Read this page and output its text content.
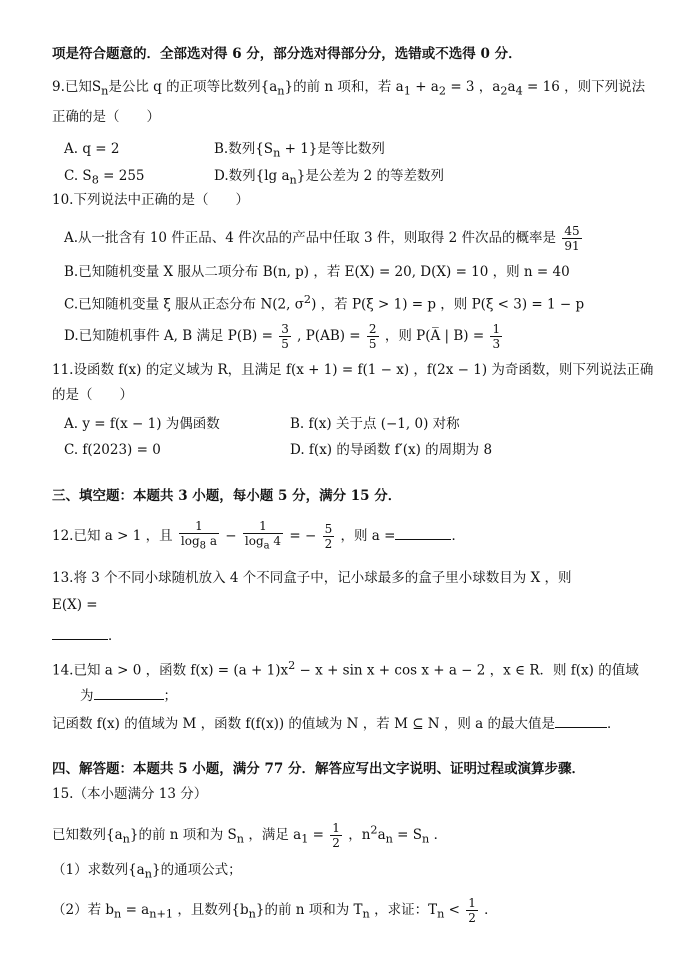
项是符合题意的．全部选对得 6 分，部分选对得部分分，选错或不选得 0 分．
9.已知$S_n$是公比 q 的正项等比数列$\{a_n\}$的前 n 项和，若 $a_1 + a_2 = 3$ ，$a_2a_4 = 16$ ，则下列说法
正确的是（　　）
A. q = 2	B.数列$\{S_n + 1\}$是等比数列
C. $S_8 = 255$	D.数列{lg $a_n$}是公差为 2 的等差数列
10.下列说法中正确的是（　　）
A.从一批含有 10 件正品、4 件次品的产品中任取 3 件，则取得 2 件次品的概率是 $\frac{45}{91}$
B.已知随机变量 X 服从二项分布 B(n, p) ，若 E(X) = 20, D(X) = 10 ，则 n = 40
C.已知随机变量 ξ 服从正态分布 N(2, $\sigma^2$) ，若 P(ξ > 1) = p ，则 P(ξ < 3) = 1 − p
D.已知随机事件 A, B 满足 $P(B) = \frac{3}{5}$ , $P(AB) = \frac{2}{5}$ ，则 P(A̅ | $B) = \frac{1}{3}$
11.设函数 f(x) 的定义域为 R，且满足 f(x + 1) = f(1 − x) ，f(2x − 1) 为奇函数，则下列说法正确
的是（　　）
A. y = f(x − 1) 为偶函数	B. f(x) 关于点 (−1, 0) 对称
C. f(2023) = 0	D. f(x) 的导函数 f′(x) 的周期为 8
三、填空题：本题共 3 小题，每小题 5 分，满分 15 分．
12.已知 a > 1 ，且 $\frac{1}{\log_8 a} - \frac{1}{\log_a 4}$ = − $\frac{5}{2}$ ，则 a =	．
13.将 3 个不同小球随机放入 4 个不同盒子中，记小球最多的盒子里小球数目为 X ，则
E(X) =
．
14.已知 a > 0 ，函数 $f(x) = (a + 1)x^2 - x + \sin x + \cos x + a - 2$ ，x ∈ R．则 f(x) 的值域
为	；
记函数 f(x) 的值域为 M ，函数 f(f(x)) 的值域为 N ，若 M ⊆ N ，则 a 的最大值是	．
四、解答题：本题共 5 小题，满分 77 分．解答应写出文字说明、证明过程或演算步骤．
15.（本小题满分 13 分）
已知数列$\{a_n\}$的前 n 项和为 $S_n$ ，满足 $a_1 = \frac{1}{2}$ ，$n^2a_n = S_n$ ．
（1）求数列$\{a_n\}$的通项公式；
（2）若 $b_n = a_{n+1}$ ，且数列$\{b_n\}$的前 n 项和为 $T_n$ ，求证：$T_n < \frac{1}{2}$ ．
